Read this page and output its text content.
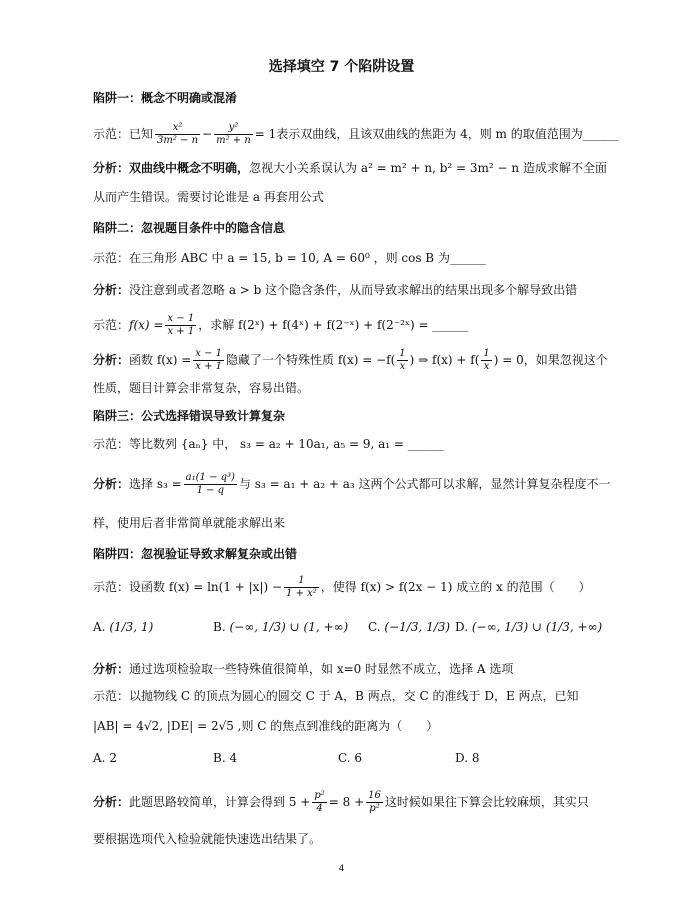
选择填空 7 个陷阱设置
陷阱一：概念不明确或混淆
示范：已知 $\frac{\text{x²}}{\text{3m² − n}} - \frac{\text{y²}}{\text{m² + n}} = 1$表示双曲线，且该双曲线的焦距为 4，则 m 的取值范围为______
分析：双曲线中概念不明确，忽视大小关系误认为 a² = m² + n, b² = 3m² − n 造成求解不全面
从而产生错误。需要讨论谁是 a 再套用公式
陷阱二：忽视题目条件中的隐含信息
示范：在三角形 ABC 中 a = 15, b = 10, A = 60⁰ ，则 cos B 为______
分析：没注意到或者忽略 a > b 这个隐含条件，从而导致求解出的结果出现多个解导致出错
示范：$f(x) = \frac{x - 1}{x + 1}$ ，求解 f(2ˣ) + f(4ˣ) + f(2⁻ˣ) + f(2⁻²ˣ) = ______
分析：函数 $f(x) = \frac{x - 1}{x + 1}$ 隐藏了一个特殊性质 $f(x) = -f( \frac{1}{x}$ ) ⇒ $f(x) + f( \frac{1}{x}$ ) = 0，如果忽视这个
性质，题目计算会非常复杂，容易出错。
陷阱三：公式选择错误导致计算复杂
示范：等比数列 {aₙ} 中， s₃ = a₂ + 10a₁, a₅ = 9, a₁ = ______
分析：选择 $s_3 = \frac{\text{a₁(1 − q³)}}{1 - q}$ 与 s₃ = a₁ + a₂ + a₃ 这两个公式都可以求解，显然计算复杂程度不一
样，使用后者非常简单就能求解出来
陷阱四：忽视验证导致求解复杂或出错
示范：设函数 $f(x) = \ln(1 + |x|) - \frac{1}{\text{1 + x²}}$ ，使得 f(x) > f(2x − 1) 成立的 x 的范围（　　）
A. (1/3, 1)	B. (−∞, 1/3) ∪ (1, +∞) C. (−1/3, 1/3) D. (−∞, 1/3) ∪ (1/3, +∞)
分析：通过选项检验取一些特殊值很简单，如 x=0 时显然不成立，选择 A 选项
示范：以抛物线 C 的顶点为圆心的圆交 C 于 A，B 两点，交 C 的准线于 D，E 两点，已知
|AB| = 4√2, |DE| = 2√5 ,则 C 的焦点到准线的距离为（　　）
A. 2	B. 4	C. 6	D. 8
分析：此题思路较简单，计算会得到 $5 + \frac{\text{p²}}{4} = 8 + \frac{16}{\text{p²}}$ 这时候如果往下算会比较麻烦，其实只
要根据选项代入检验就能快速选出结果了。
4
